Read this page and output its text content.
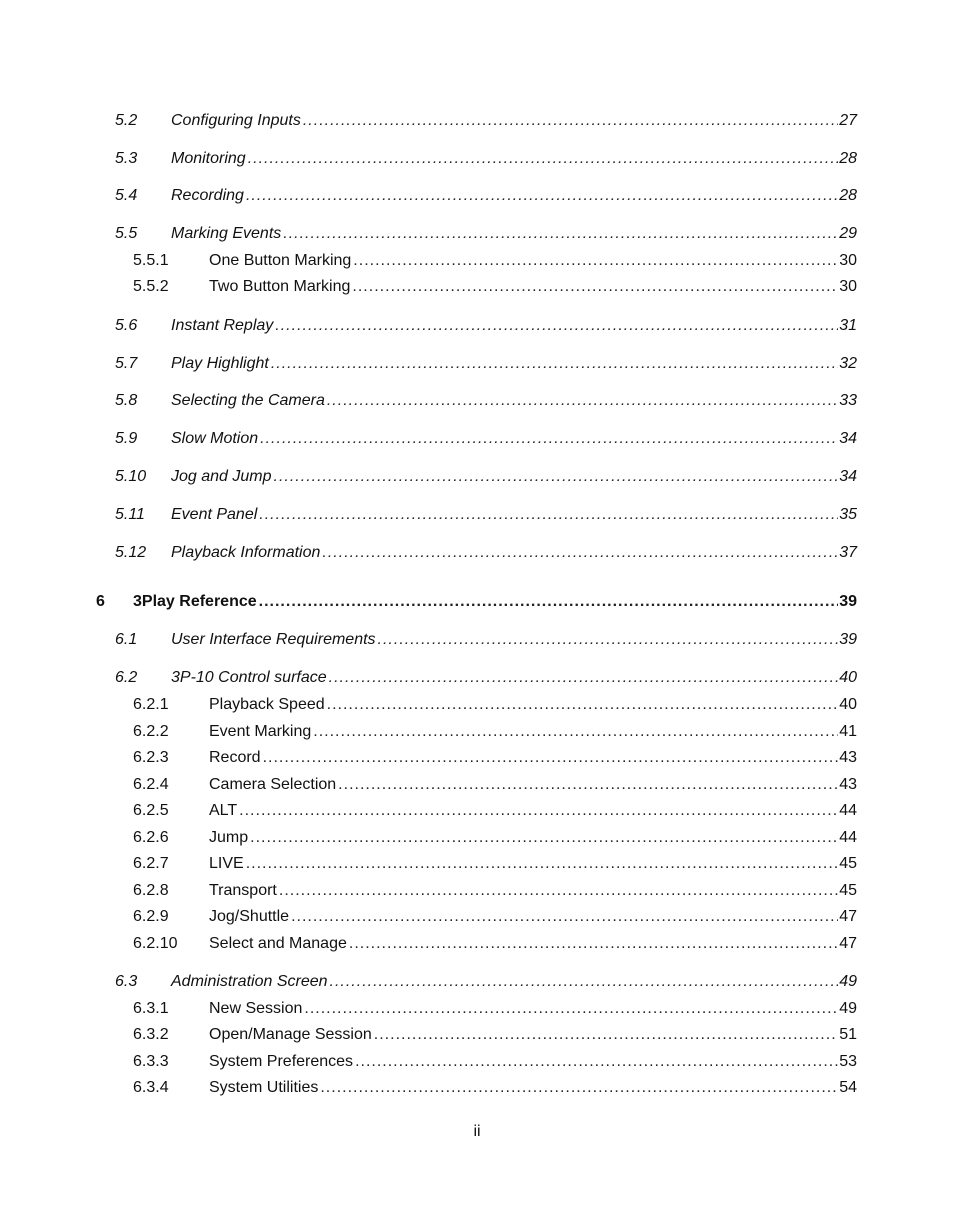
5.2	Configuring Inputs .....	27
5.3	Monitoring .....	28
5.4	Recording .....	28
5.5	Marking Events .....	29
5.5.1	One Button Marking .....	30
5.5.2	Two Button Marking .....	30
5.6	Instant Replay .....	31
5.7	Play Highlight .....	32
5.8	Selecting the Camera .....	33
5.9	Slow Motion .....	34
5.10	Jog and Jump .....	34
5.11	Event Panel .....	35
5.12	Playback Information .....	37
6	3Play Reference .....	39
6.1	User Interface Requirements .....	39
6.2	3P-10 Control surface .....	40
6.2.1	Playback Speed .....	40
6.2.2	Event Marking .....	41
6.2.3	Record .....	43
6.2.4	Camera Selection .....	43
6.2.5	ALT .....	44
6.2.6	Jump .....	44
6.2.7	LIVE .....	45
6.2.8	Transport .....	45
6.2.9	Jog/Shuttle .....	47
6.2.10	Select and Manage .....	47
6.3	Administration Screen .....	49
6.3.1	New Session .....	49
6.3.2	Open/Manage Session .....	51
6.3.3	System Preferences .....	53
6.3.4	System Utilities .....	54
ii
